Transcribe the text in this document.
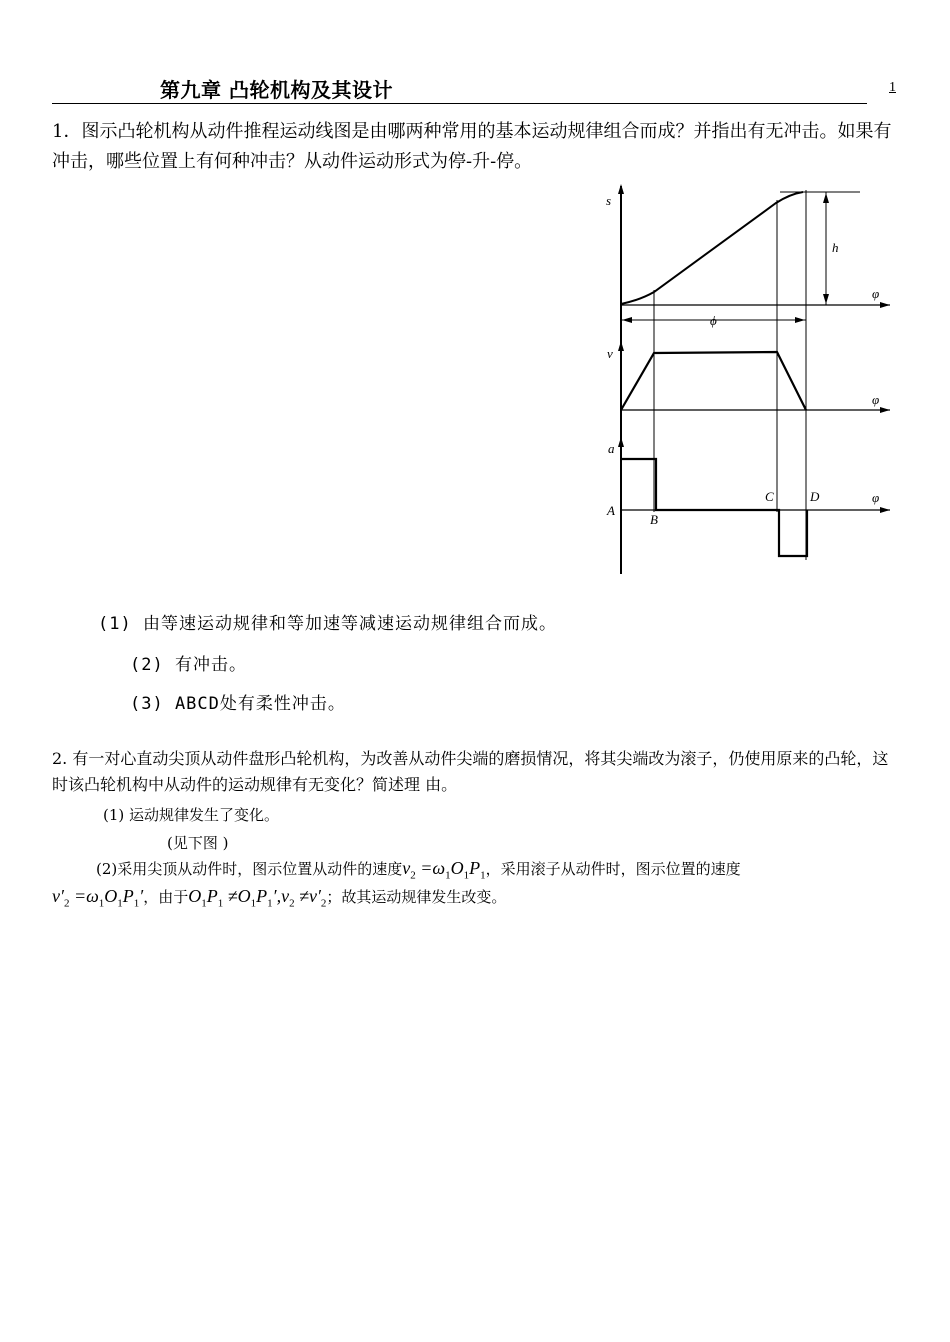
第九章 凸轮机构及其设计	1
1．图示凸轮机构从动件推程运动线图是由哪两种常用的基本运动规律组合而成？并指出有无冲击。如果有冲击，哪些位置上有何种冲击？从动件运动形式为停-升-停。
s
h
φ
ϕ
v
φ
a
φ
A
B
C	D
(1) 由等速运动规律和等加速等减速运动规律组合而成。
(2) 有冲击。
(3) ABCD处有柔性冲击。
2. 有一对心直动尖顶从动件盘形凸轮机构，为改善从动件尖端的磨损情况，将其尖端改为滚子，仍使用原来的凸轮，这时该凸轮机构中从动件的运动规律有无变化？简述理 由。
(1) 运动规律发生了变化。
(见下图 )
(2)采用尖顶从动件时，图示位置从动件的速度$v_2 =\omega_1O_1P_1$，采用滚子从动件时，图示位置的速度
$v'_2 =\omega_1O_1P_1'$，由于$O_1P_1 \ne O_1P_1',v_2 \ne v'_2$；故其运动规律发生改变。
